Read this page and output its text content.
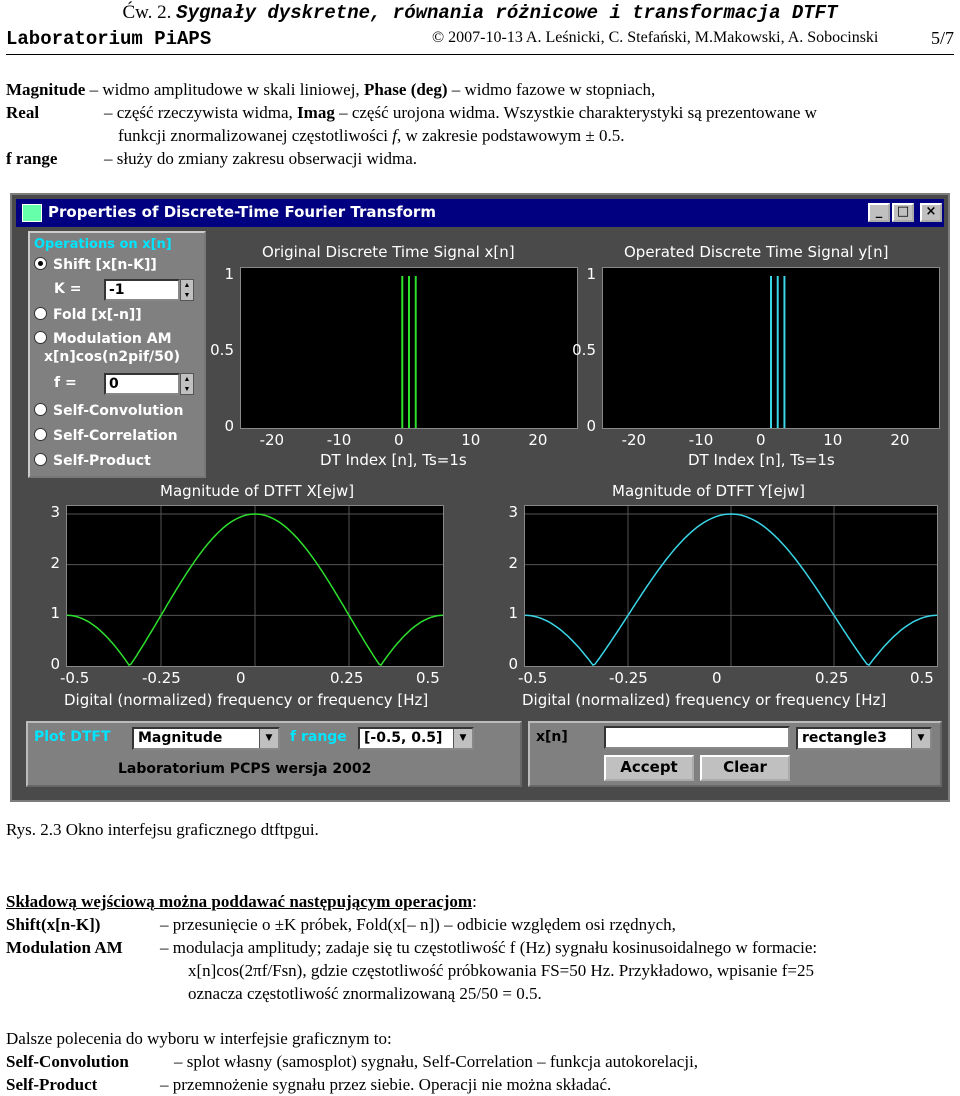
Ćw. 2. Sygnały dyskretne, równania różnicowe i transformacja DTFT
Laboratorium PiAPS	© 2007-10-13 A. Leśnicki, C. Stefański, M.Makowski, A. Sobocinski	5/7
Magnitude – widmo amplitudowe w skali liniowej, Phase (deg) – widmo fazowe w stopniach,
Real	– część rzeczywista widma, Imag – część urojona widma. Wszystkie charakterystyki są prezentowane w
funkcji znormalizowanej częstotliwości f, w zakresie podstawowym ± 0.5.
f range	– służy do zmiany zakresu obserwacji widma.
Properties of Discrete-Time Fourier Transform	_	□	×
Operations on x[n]
Shift [x[n-K]]
K =	-1	▲
▼
Fold [x[-n]]
Modulation AM
x[n]cos(n2pif/50)
f =	0	▲
▼
Self-Convolution
Self-Correlation
Self-Product
Original Discrete Time Signal x[n]	Operated Discrete Time Signal y[n]
1
0.5
0
1
0.5
0
-20	-10	0	10	20	-20	-10	0	10	20
DT Index [n], Ts=1s	DT Index [n], Ts=1s
Magnitude of DTFT X[ejw]	Magnitude of DTFT Y[ejw]
3
2
1
0
3
2
1
0
-0.5	-0.25	0	0.25	0.5	-0.5	-0.25	0	0.25	0.5
Digital (normalized) frequency or frequency [Hz]	Digital (normalized) frequency or frequency [Hz]
Plot DTFT	Magnitude	▼	f range	[-0.5, 0.5]	▼
Laboratorium PCPS wersja 2002
x[n]	rectangle3	▼
Accept	Clear
Rys. 2.3 Okno interfejsu graficznego dtftpgui.
Składową wejściową można poddawać następującym operacjom:
Shift(x[n-K])	– przesunięcie o ±K próbek, Fold(x[– n]) – odbicie względem osi rzędnych,
Modulation AM – modulacja amplitudy; zadaje się tu częstotliwość f (Hz) sygnału kosinusoidalnego w formacie:
x[n]cos(2πf/Fsn), gdzie częstotliwość próbkowania FS=50 Hz. Przykładowo, wpisanie f=25
oznacza częstotliwość znormalizowaną 25/50 = 0.5.
Dalsze polecenia do wyboru w interfejsie graficznym to:
Self-Convolution	– splot własny (samosplot) sygnału, Self-Correlation – funkcja autokorelacji,
Self-Product	– przemnożenie sygnału przez siebie. Operacji nie można składać.
